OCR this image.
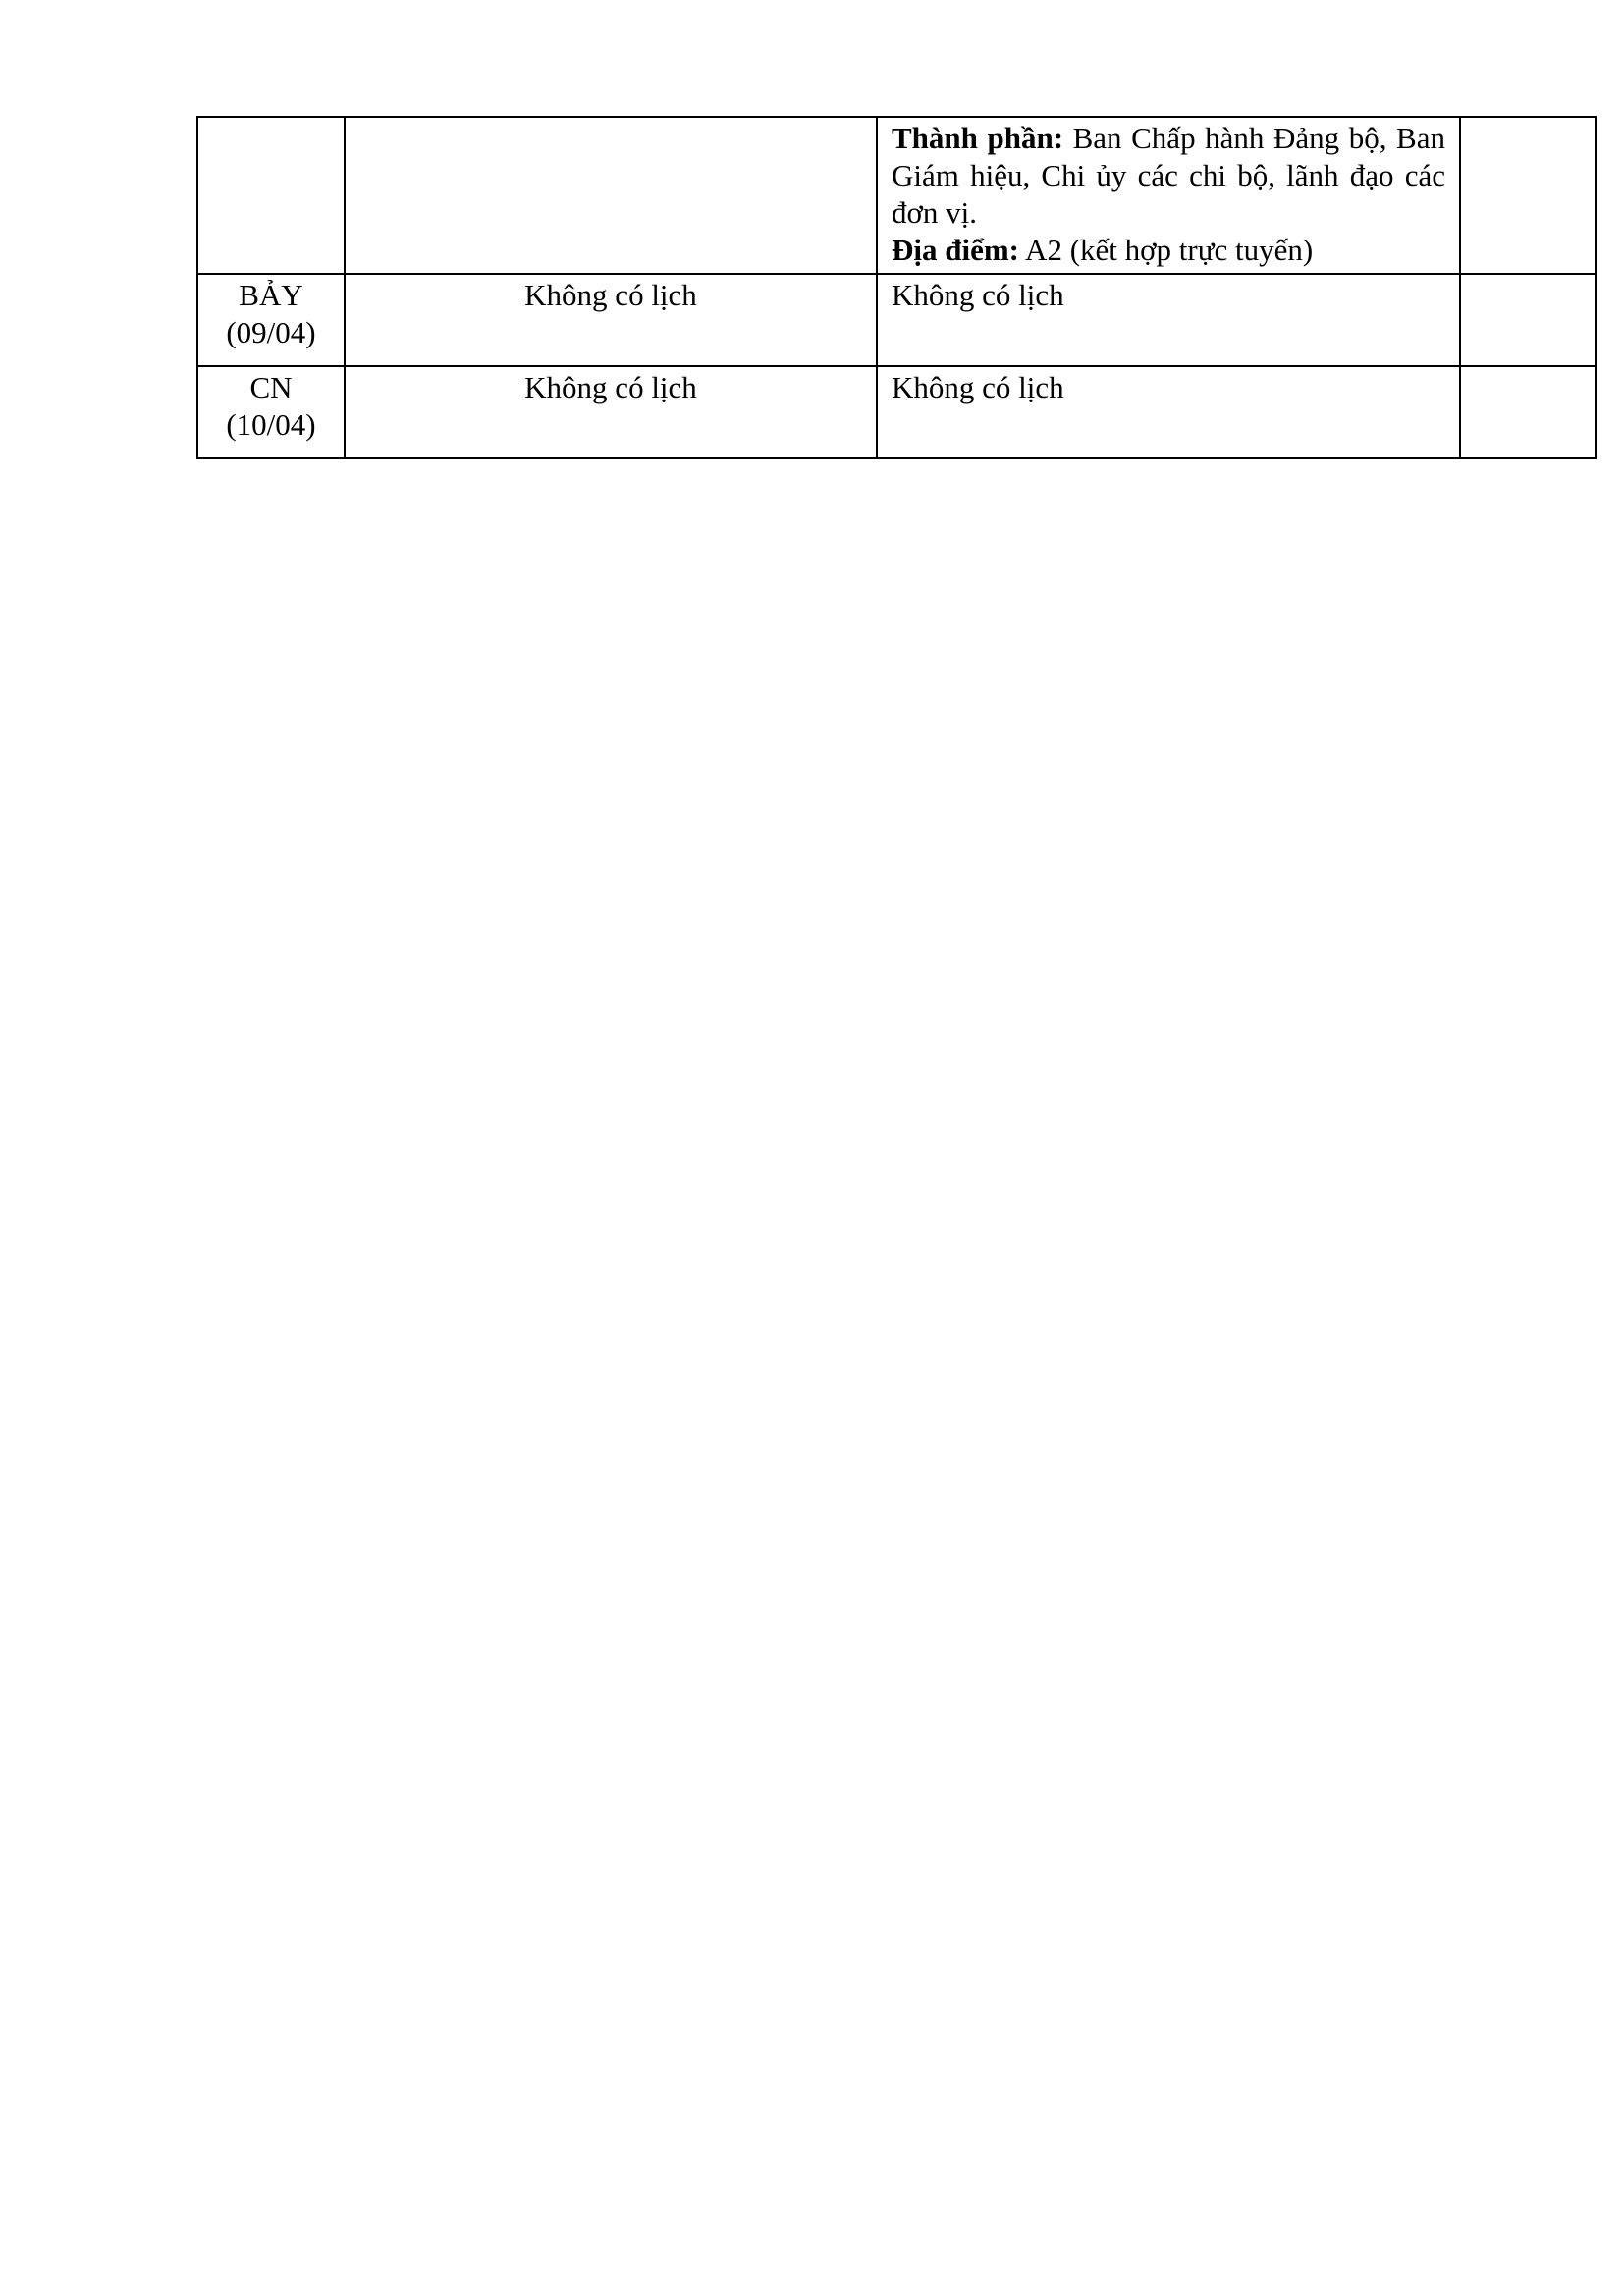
		Thành phần: Ban Chấp hành Đảng bộ, Ban Giám hiệu, Chi ủy các chi bộ, lãnh đạo các đơn vị.
Địa điểm: A2 (kết hợp trực tuyến)	

BẢY
(09/04)	Không có lịch	Không có lịch	

CN
(10/04)	Không có lịch	Không có lịch	
